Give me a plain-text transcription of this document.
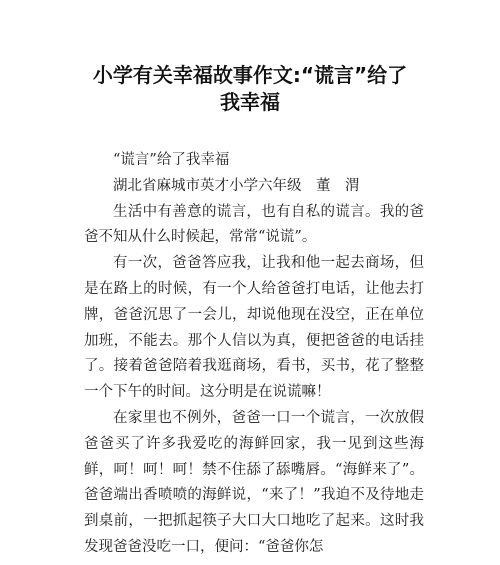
小学有关幸福故事作文:“谎言”给了
我幸福

“谎言”给了我幸福

湖北省麻城市英才小学六年级　董　渭

生活中有善意的谎言，也有自私的谎言。我的爸爸不知从什么时候起，常常“说谎”。

有一次，爸爸答应我，让我和他一起去商场，但是在路上的时候，有一个人给爸爸打电话，让他去打牌，爸爸沉思了一会儿，却说他现在没空，正在单位加班，不能去。那个人信以为真，便把爸爸的电话挂了。接着爸爸陪着我逛商场，看书，买书，花了整整一个下午的时间。这分明是在说谎嘛！

在家里也不例外，爸爸一口一个谎言，一次放假爸爸买了许多我爱吃的海鲜回家，我一见到这些海鲜，呵！呵！呵！禁不住舔了舔嘴唇。“海鲜来了”。爸爸端出香喷喷的海鲜说，“来了！”我迫不及待地走到桌前，一把抓起筷子大口大口地吃了起来。这时我发现爸爸没吃一口，便问：“爸爸你怎
